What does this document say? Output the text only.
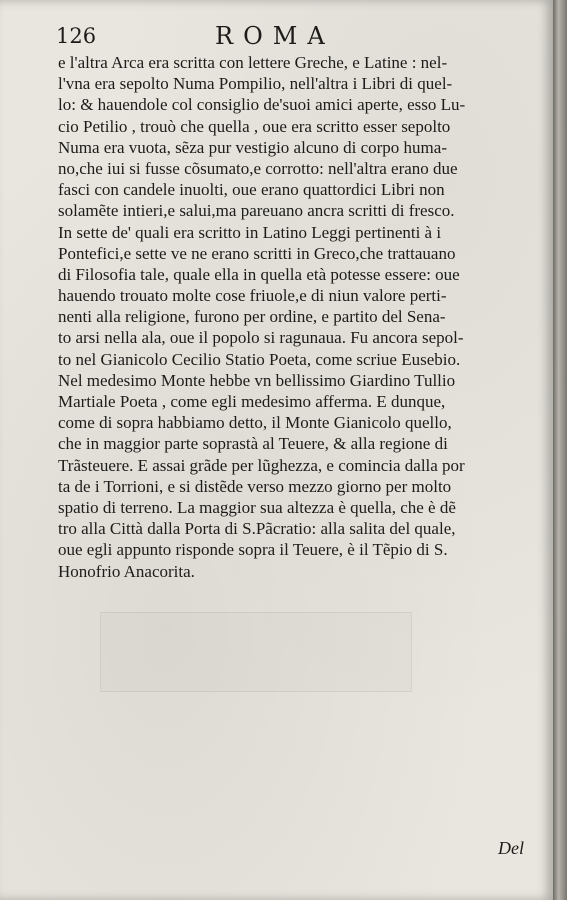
126	ROMA
e l'altra Arca era scritta con lettere Greche, e Latine : nel-
l'vna era sepolto Numa Pompilio, nell'altra i Libri di quel-
lo: & hauendole col consiglio de'suoi amici aperte, esso Lu-
cio Petilio , trouò che quella , oue era scritto esser sepolto
Numa era vuota, sẽza pur vestigio alcuno di corpo huma-
no,che iui si fusse cõsumato,e corrotto: nell'altra erano due
fasci con candele inuolti, oue erano quattordici Libri non
solamẽte intieri,e salui,ma pareuano ancra scritti di fresco.
In sette de' quali era scritto in Latino Leggi pertinenti à i
Pontefici,e sette ve ne erano scritti in Greco,che trattauano
di Filosofia tale, quale ella in quella età potesse essere: oue
hauendo trouato molte cose friuole,e di niun valore perti-
nenti alla religione, furono per ordine, e partito del Sena-
to arsi nella ala, oue il popolo si ragunaua. Fu ancora sepol-
to nel Gianicolo Cecilio Statio Poeta, come scriue Eusebio.
Nel medesimo Monte hebbe vn bellissimo Giardino Tullio
Martiale Poeta , come egli medesimo afferma. E dunque,
come di sopra habbiamo detto, il Monte Gianicolo quello,
che in maggior parte soprastà al Teuere, & alla regione di
Trãsteuere. E assai grãde per lũghezza, e comincia dalla por
ta de i Torrioni, e si distẽde verso mezzo giorno per molto
spatio di terreno. La maggior sua altezza è quella, che è dẽ
tro alla Città dalla Porta di S.Pãcratio: alla salita del quale,
oue egli appunto risponde sopra il Teuere, è il Tẽpio di S.
Honofrio Anacorita.
Del
